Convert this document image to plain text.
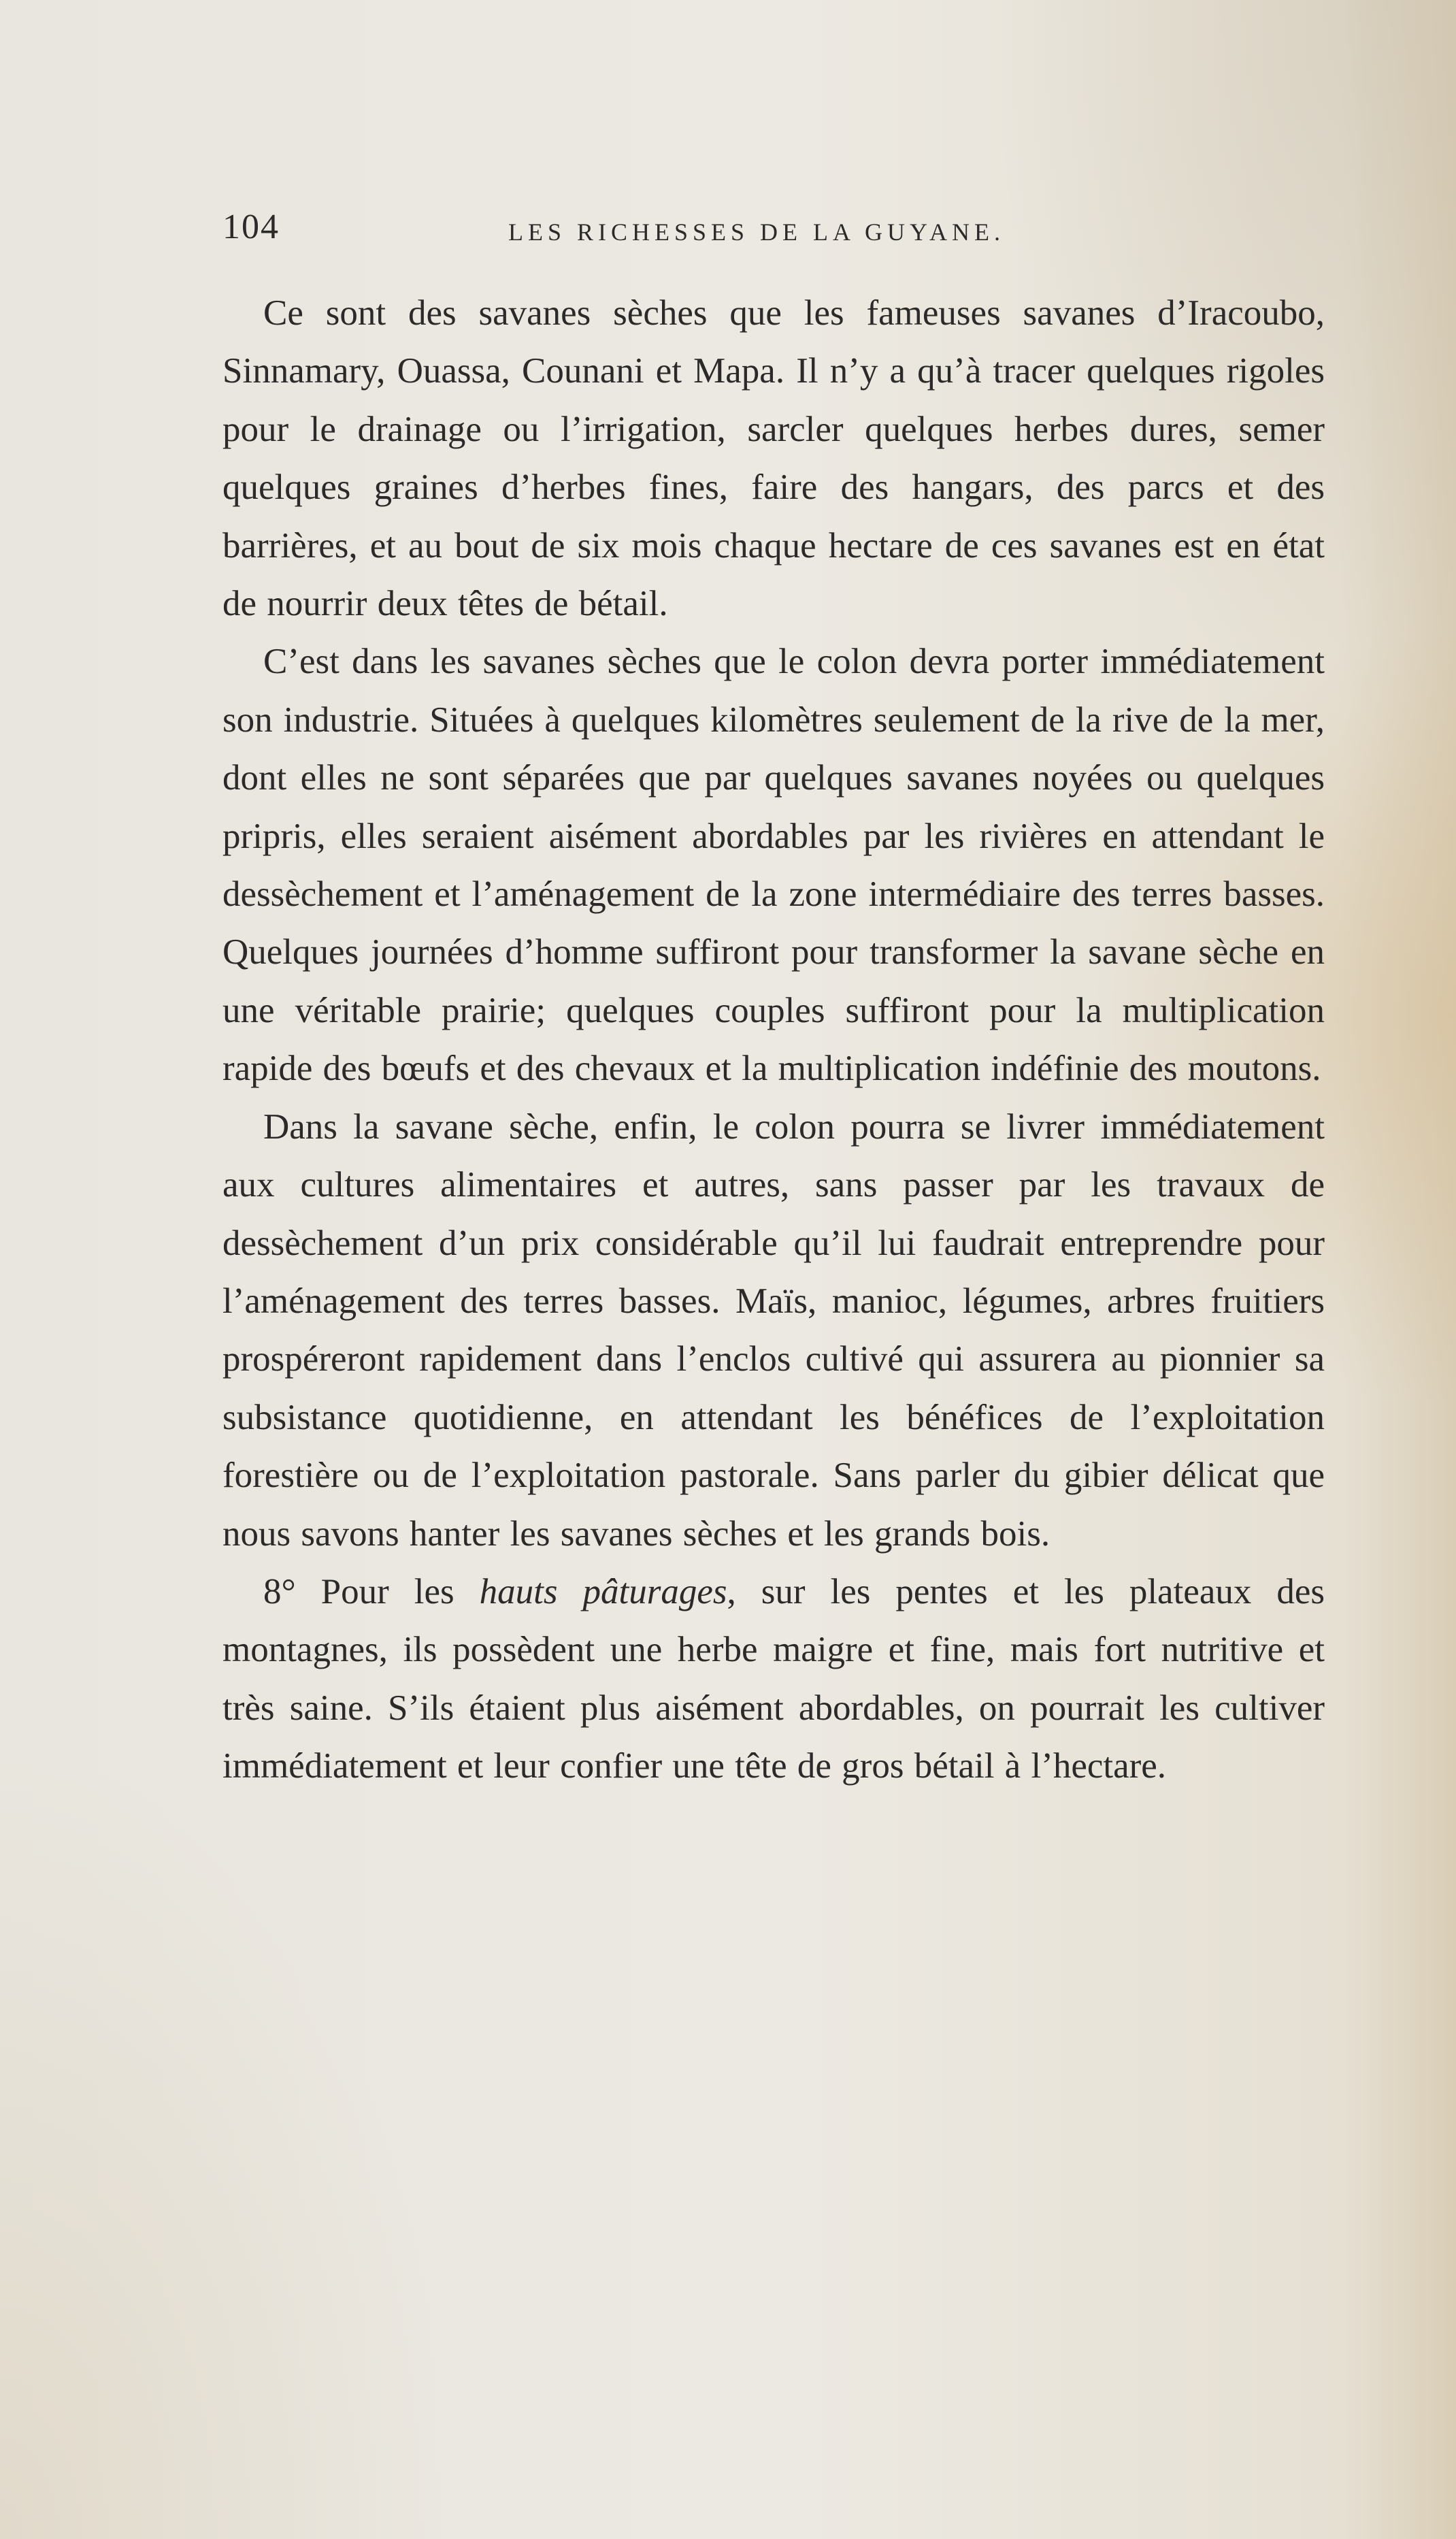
104	LES RICHESSES DE LA GUYANE.

Ce sont des savanes sèches que les fameuses savanes d’Iracoubo, Sinnamary, Ouassa, Counani et Mapa. Il n’y a qu’à tracer quelques rigoles pour le drainage ou l’irrigation, sarcler quelques herbes dures, semer quelques graines d’herbes fines, faire des hangars, des parcs et des barrières, et au bout de six mois chaque hectare de ces savanes est en état de nourrir deux têtes de bétail.

C’est dans les savanes sèches que le colon devra porter immédiatement son industrie. Situées à quelques kilomètres seulement de la rive de la mer, dont elles ne sont séparées que par quelques savanes noyées ou quelques pripris, elles seraient aisément abordables par les rivières en attendant le dessèchement et l’aménagement de la zone intermédiaire des terres basses. Quelques journées d’homme suffiront pour transformer la savane sèche en une véritable prairie; quelques couples suffiront pour la multiplication rapide des bœufs et des chevaux et la multiplication indéfinie des moutons.

Dans la savane sèche, enfin, le colon pourra se livrer immédiatement aux cultures alimentaires et autres, sans passer par les travaux de dessèchement d’un prix considérable qu’il lui faudrait entreprendre pour l’aménagement des terres basses. Maïs, manioc, légumes, arbres fruitiers prospéreront rapidement dans l’enclos cultivé qui assurera au pionnier sa subsistance quotidienne, en attendant les bénéfices de l’exploitation forestière ou de l’exploitation pastorale. Sans parler du gibier délicat que nous savons hanter les savanes sèches et les grands bois.

8° Pour les hauts pâturages, sur les pentes et les plateaux des montagnes, ils possèdent une herbe maigre et fine, mais fort nutritive et très saine. S’ils étaient plus aisément abordables, on pourrait les cultiver immédiatement et leur confier une tête de gros bétail à l’hectare.
